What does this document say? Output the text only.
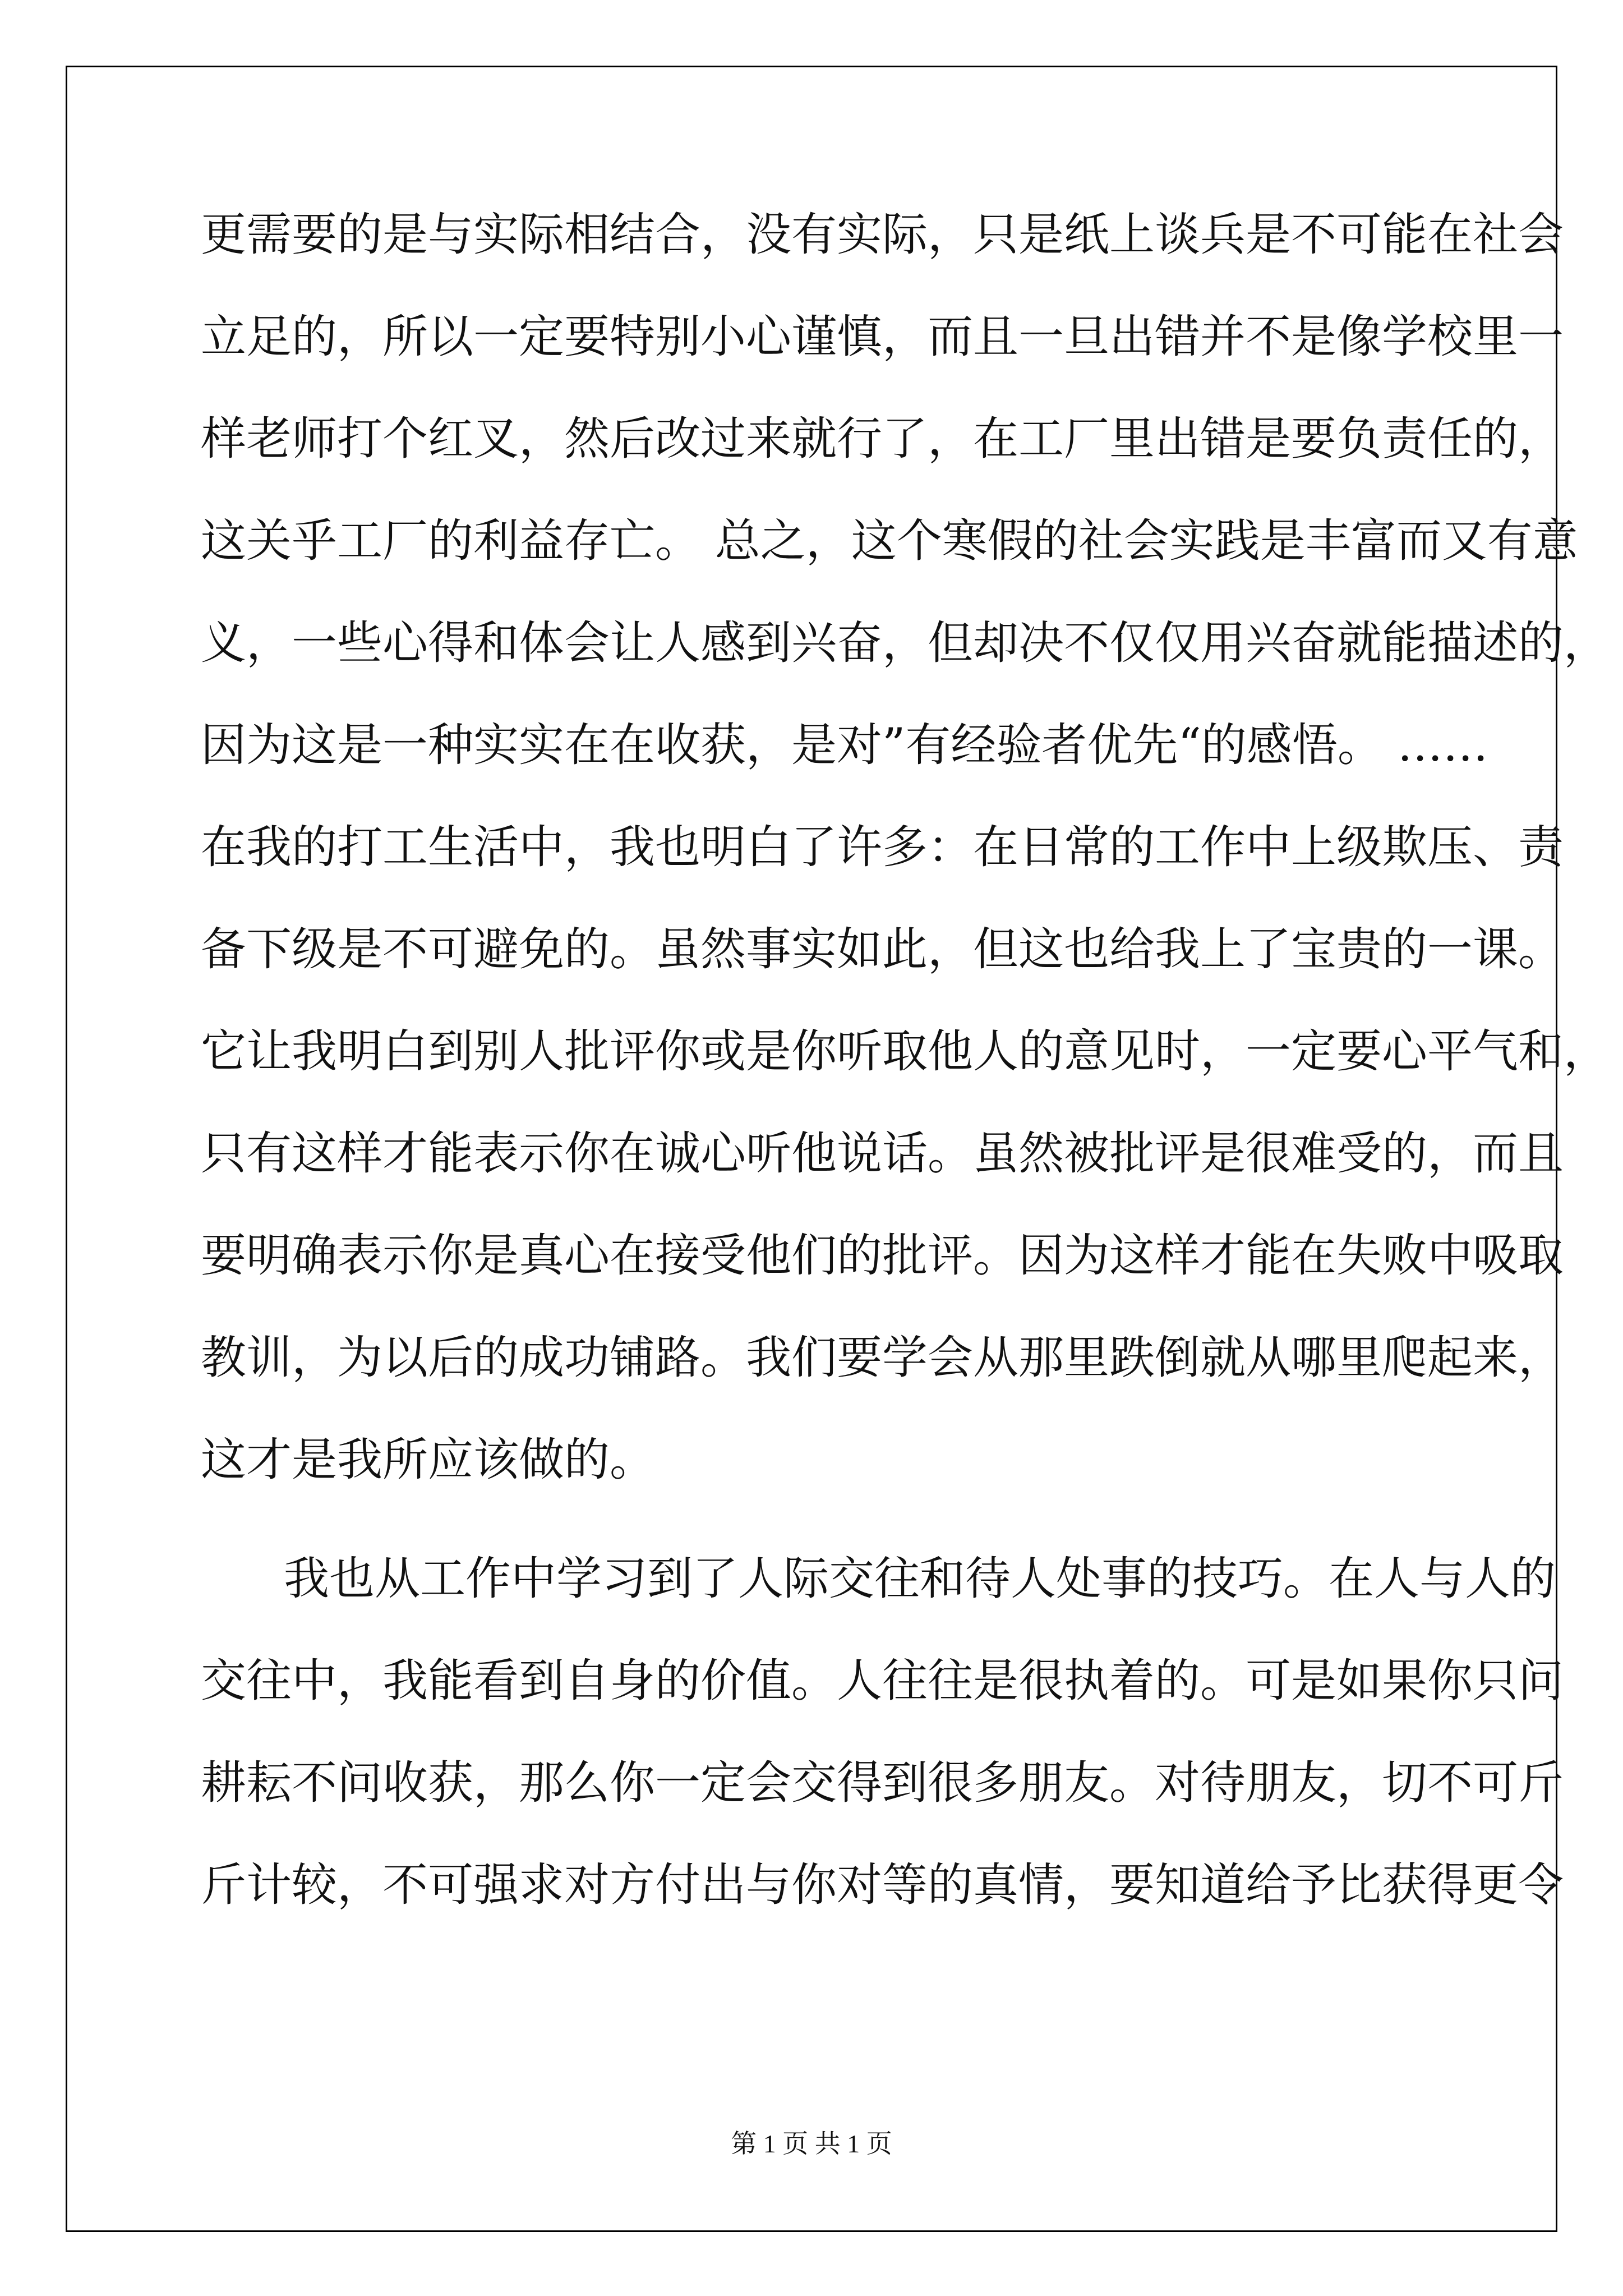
更需要的是与实际相结合，没有实际，只是纸上谈兵是不可能在社会
立足的，所以一定要特别小心谨慎，而且一旦出错并不是像学校里一
样老师打个红叉，然后改过来就行了，在工厂里出错是要负责任的，
这关乎工厂的利益存亡。 总之，这个寒假的社会实践是丰富而又有意
义，一些心得和体会让人感到兴奋，但却决不仅仅用兴奋就能描述的，
因为这是一种实实在在收获，是对”有经验者优先“的感悟。 ……
在我的打工生活中，我也明白了许多：在日常的工作中上级欺压、责
备下级是不可避免的。虽然事实如此，但这也给我上了宝贵的一课。
它让我明白到别人批评你或是你听取他人的意见时，一定要心平气和，
只有这样才能表示你在诚心听他说话。虽然被批评是很难受的，而且
要明确表示你是真心在接受他们的批评。因为这样才能在失败中吸取
教训，为以后的成功铺路。我们要学会从那里跌倒就从哪里爬起来，
这才是我所应该做的。
我也从工作中学习到了人际交往和待人处事的技巧。在人与人的
交往中，我能看到自身的价值。人往往是很执着的。可是如果你只问
耕耘不问收获，那么你一定会交得到很多朋友。对待朋友，切不可斤
斤计较，不可强求对方付出与你对等的真情，要知道给予比获得更令
第 1 页 共 1 页
